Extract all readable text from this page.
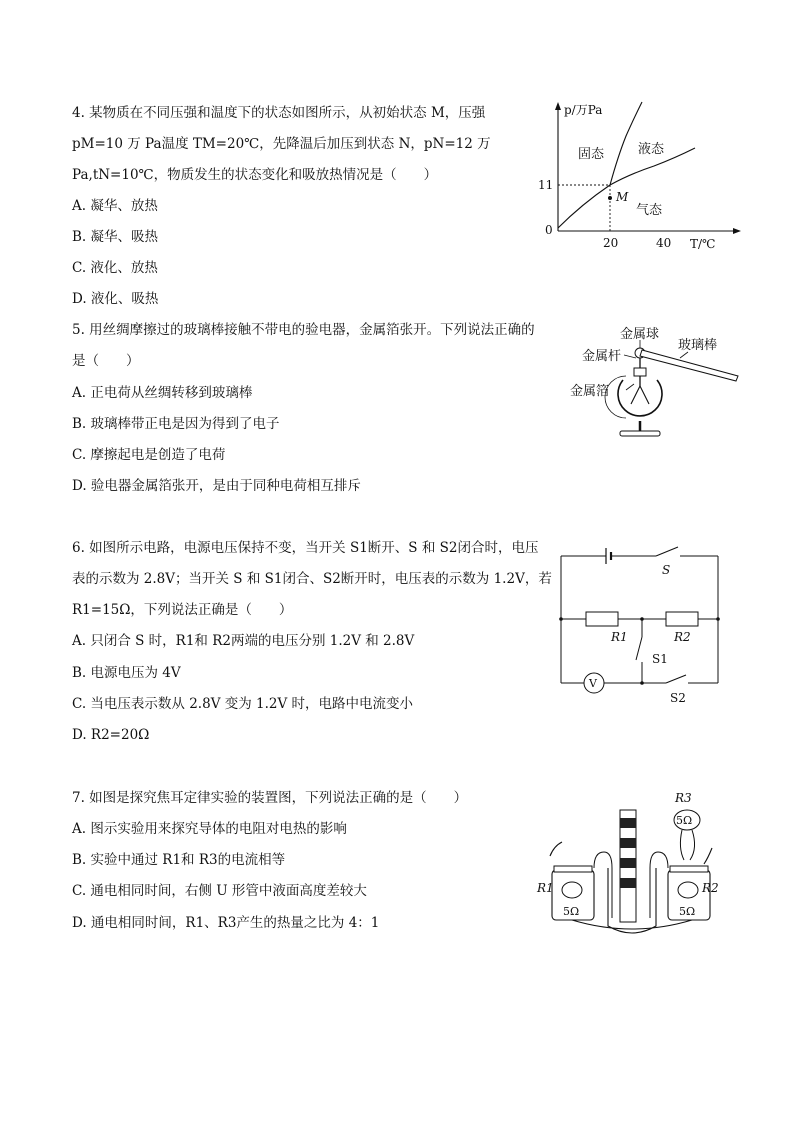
4. 某物质在不同压强和温度下的状态如图所示，从初始状态 M，压强
pM=10 万 Pa温度 TM=20℃，先降温后加压到状态 N，pN=12 万
Pa,tN=10℃，物质发生的状态变化和吸放热情况是（　　）
A. 凝华、放热
B. 凝华、吸热
C. 液化、放热
D. 液化、吸热
M
p/万Pa
T/℃
固态	液态
气态
11
0
20	40
5. 用丝绸摩擦过的玻璃棒接触不带电的验电器，金属箔张开。下列说法正确的
是（　　）
A. 正电荷从丝绸转移到玻璃棒
B. 玻璃棒带正电是因为得到了电子
C. 摩擦起电是创造了电荷
D. 验电器金属箔张开，是由于同种电荷相互排斥
金属球
金属杆
玻璃棒
金属箔
6. 如图所示电路，电源电压保持不变，当开关 S1断开、S 和 S2闭合时，电压
表的示数为 2.8V；当开关 S 和 S1闭合、S2断开时，电压表的示数为 1.2V，若
R1=15Ω，下列说法正确是（　　）
A. 只闭合 S 时，R1和 R2两端的电压分别 1.2V 和 2.8V
B. 电源电压为 4V
C. 当电压表示数从 2.8V 变为 1.2V 时，电路中电流变小
D. R2=20Ω
S
R1	R2
S1
V
S2
7. 如图是探究焦耳定律实验的装置图，下列说法正确的是（　　）
A. 图示实验用来探究导体的电阻对电热的影响
B. 实验中通过 R1和 R3的电流相等
C. 通电相同时间，右侧 U 形管中液面高度差较大
D. 通电相同时间，R1、R3产生的热量之比为 4：1
R3
5Ω
R1
5Ω
R2
5Ω
